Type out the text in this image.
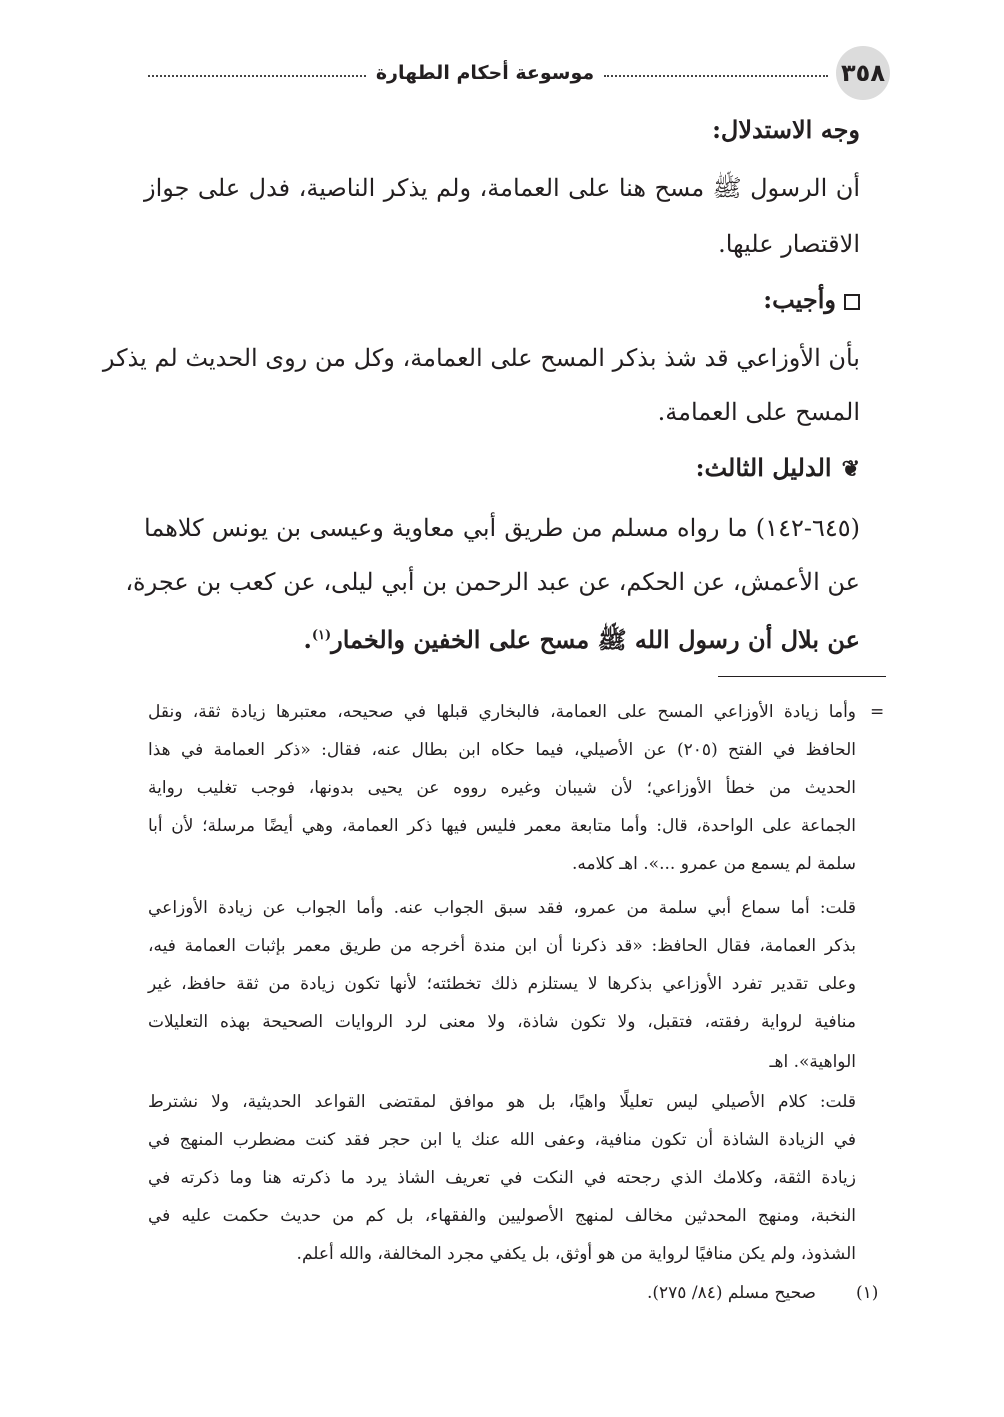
موسوعة أحكام الطهارة	٣٥٨
وجه الاستدلال:
أن الرسول ﷺ مسح هنا على العمامة، ولم يذكر الناصية، فدل على جواز
الاقتصار عليها.
وأجيب:
بأن الأوزاعي قد شذ بذكر المسح على العمامة، وكل من روى الحديث لم يذكر
المسح على العمامة.
❦الدليل الثالث:
(٦٤٥-١٤٢) ما رواه مسلم من طريق أبي معاوية وعيسى بن يونس كلاهما
عن الأعمش، عن الحكم، عن عبد الرحمن بن أبي ليلى، عن كعب بن عجرة،
عن بلال أن رسول الله ﷺ مسح على الخفين والخمار$^{(١)}$.
=
وأما زيادة الأوزاعي المسح على العمامة، فالبخاري قبلها في صحيحه، معتبرها زيادة ثقة، ونقل
الحافظ في الفتح (٢٠٥) عن الأصيلي، فيما حكاه ابن بطال عنه، فقال: «ذكر العمامة في هذا
الحديث من خطأ الأوزاعي؛ لأن شيبان وغيره رووه عن يحيى بدونها، فوجب تغليب رواية
الجماعة على الواحدة، قال: وأما متابعة معمر فليس فيها ذكر العمامة، وهي أيضًا مرسلة؛ لأن أبا
سلمة لم يسمع من عمرو ...». اهـ كلامه.
قلت: أما سماع أبي سلمة من عمرو، فقد سبق الجواب عنه. وأما الجواب عن زيادة الأوزاعي
بذكر العمامة، فقال الحافظ: «قد ذكرنا أن ابن مندة أخرجه من طريق معمر بإثبات العمامة فيه،
وعلى تقدير تفرد الأوزاعي بذكرها لا يستلزم ذلك تخطئته؛ لأنها تكون زيادة من ثقة حافظ، غير
منافية لرواية رفقته، فتقبل، ولا تكون شاذة، ولا معنى لرد الروايات الصحيحة بهذه التعليلات
الواهية». اهـ
قلت: كلام الأصيلي ليس تعليلًا واهيًا، بل هو موافق لمقتضى القواعد الحديثية، ولا نشترط
في الزيادة الشاذة أن تكون منافية، وعفى الله عنك يا ابن حجر فقد كنت مضطرب المنهج في
زيادة الثقة، وكلامك الذي رجحته في النكت في تعريف الشاذ يرد ما ذكرته هنا وما ذكرته في
النخبة، ومنهج المحدثين مخالف لمنهج الأصوليين والفقهاء، بل كم من حديث حكمت عليه في
الشذوذ، ولم يكن منافيًا لرواية من هو أوثق، بل يكفي مجرد المخالفة، والله أعلم.
(١)
صحيح مسلم (٨٤/ ٢٧٥).
